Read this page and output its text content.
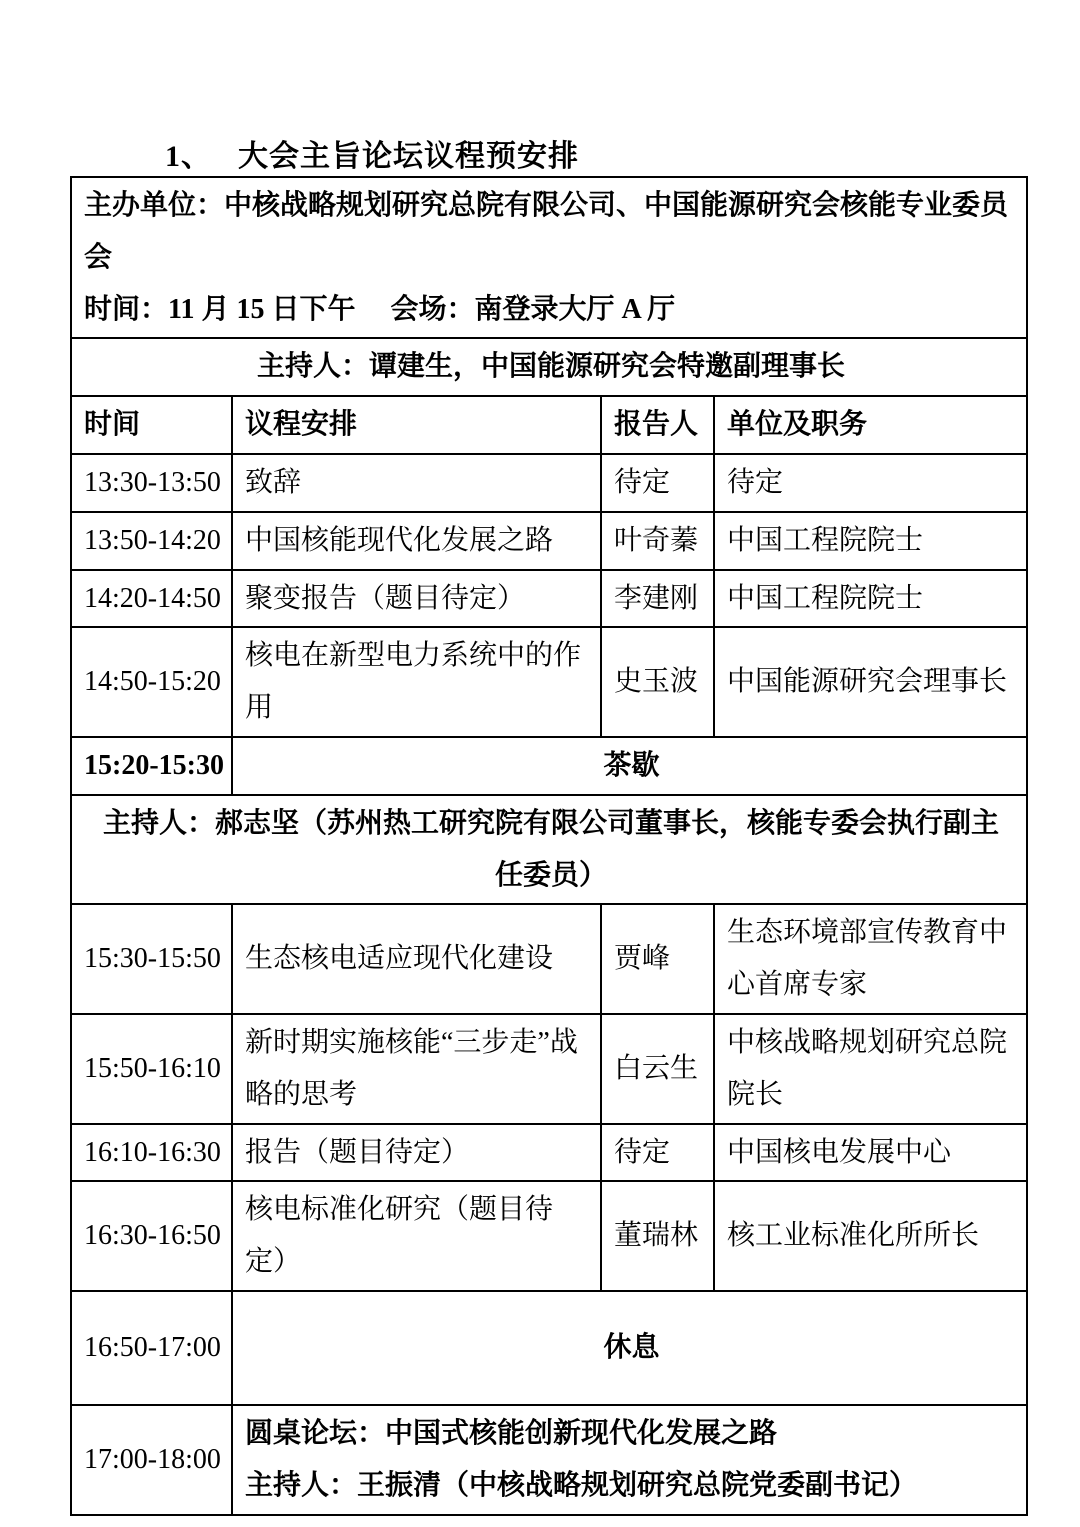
1、 大会主旨论坛议程预安排
主办单位：中核战略规划研究总院有限公司、中国能源研究会核能专业委员会
时间：11 月 15 日下午　 会场：南登录大厅 A 厅			

主持人：谭建生，中国能源研究会特邀副理事长			
时间	议程安排	报告人	单位及职务
13:30-13:50	致辞	待定	待定
13:50-14:20	中国核能现代化发展之路	叶奇蓁	中国工程院院士
14:20-14:50	聚变报告（题目待定）	李建刚	中国工程院院士
14:50-15:20	核电在新型电力系统中的作用	史玉波	中国能源研究会理事长
15:20-15:30	茶歇		

主持人：郝志坚（苏州热工研究院有限公司董事长，核能专委会执行副主
任委员）			

15:30-15:50	生态核电适应现代化建设	贾峰	生态环境部宣传教育中心首席专家
15:50-16:10	新时期实施核能“三步走”战略的思考	白云生	中核战略规划研究总院院长
16:10-16:30	报告（题目待定）	待定	中国核电发展中心
16:30-16:50	核电标准化研究（题目待定）	董瑞林	核工业标准化所所长
16:50-17:00	休息		
17:00-18:00	圆桌论坛：中国式核能创新现代化发展之路
主持人：王振清（中核战略规划研究总院党委副书记）		
